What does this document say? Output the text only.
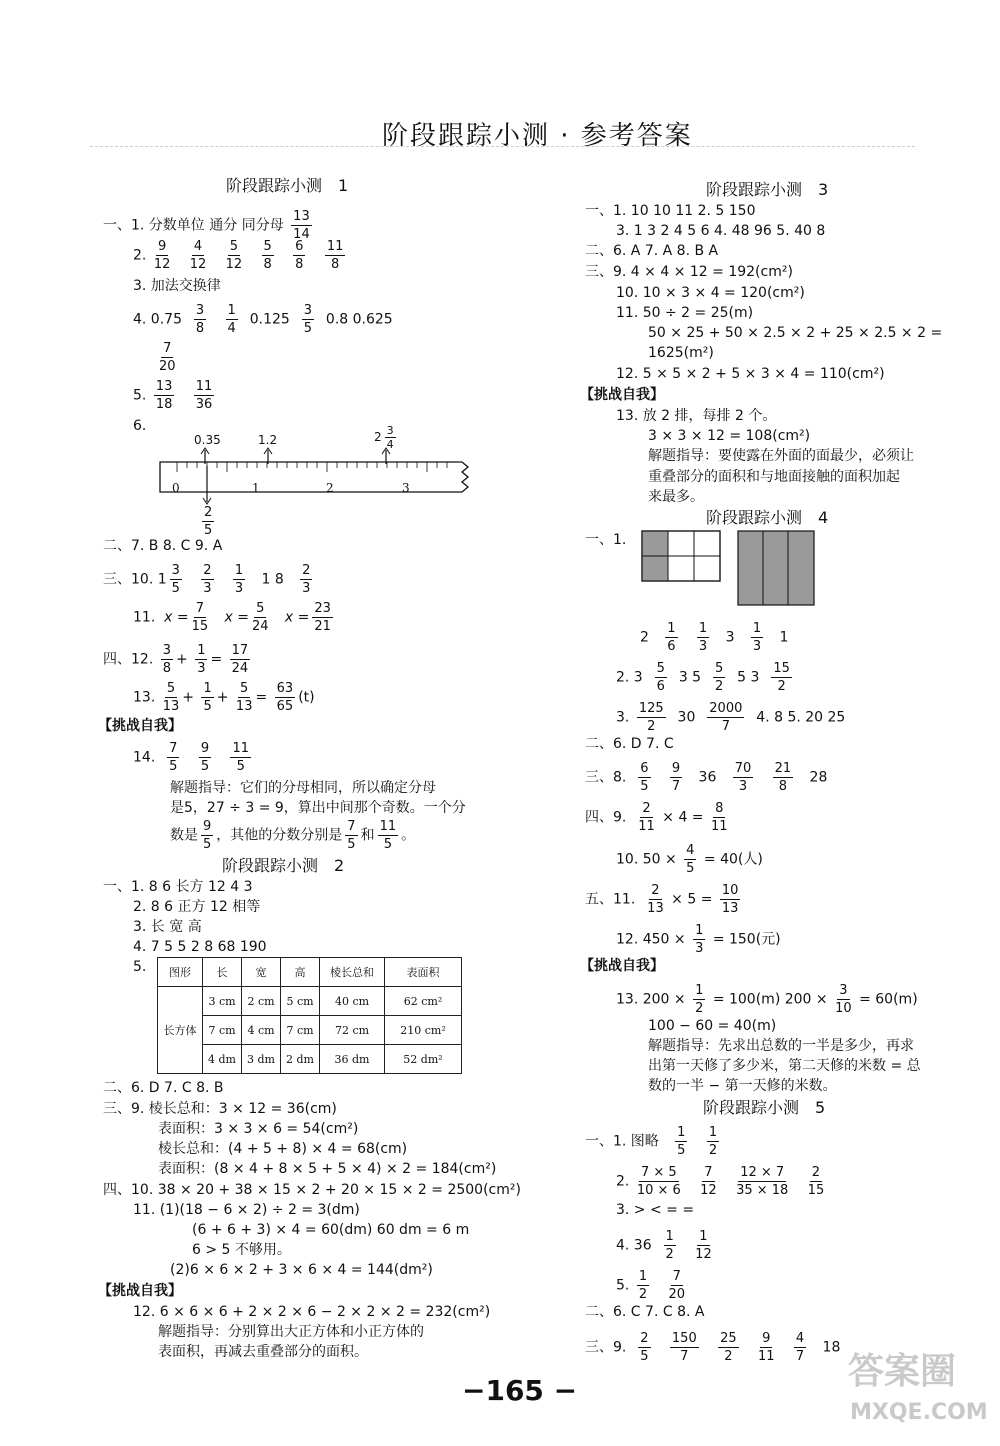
阶段跟踪小测 · 参考答案
阶段跟踪小测　1
一、1. 分数单位 通分 同分母 $\frac{13}{14}$
2. $\frac{9}{12}$
$\frac{4}{12}$
$\frac{5}{12}$
$\frac{5}{8}$
$\frac{6}{8}$
$\frac{11}{8}$
3. 加法交换律
4. $0.75 \frac{3}{8}$
$\frac{1}{4} 0.125 \frac{3}{5} 0.8$ 0.625
$\frac{7}{20}$
5. $\frac{13}{18}$
$\frac{11}{36}$
6.
0.35	1.2	$2 \frac{3}{4}$
0	1	2	3
$\frac{2}{5}$
二、7. B 8. C 9. A
三、10. $1 \frac{3}{5}$
$\frac{2}{3}$
$\frac{1}{3} 1$ $8 \frac{2}{3}$
11. $x = \frac{7}{15}$ $x = \frac{5}{24}$ $x = \frac{23}{21}$
四、12. $\frac{3}{8} + \frac{1}{3} = \frac{17}{24}$
13. $\frac{5}{13} + \frac{1}{5} + \frac{5}{13} = \frac{63}{65} (t)$
【挑战自我】
14. $\frac{7}{5}$
$\frac{9}{5}$
$\frac{11}{5}$
解题指导：它们的分母相同，所以确定分母
是5，27 ÷ 3 = 9，算出中间那个奇数。一个分
数是 $\frac{9}{5}$ ，其他的分数分别是 $\frac{7}{5}$ 和 $\frac{11}{5}$ 。
阶段跟踪小测　2
一、1. 8 6 长方 12 4 3
2. 8 6 正方 12 相等
3. 长 宽 高
4. 7 5 5 2 8 68 190
5. 图形	长	宽	高	棱长总和	表面积
长方体	3 cm	2 cm	5 cm	40 cm	62 cm²
	7 cm	4 cm	7 cm	72 cm	210 cm²
	4 dm	3 dm	2 dm	36 dm	52 dm²
二、6. D 7. C 8. B
三、9. 棱长总和：3 × 12 = 36(cm)
表面积：3 × 3 × 6 = 54(cm²)
棱长总和：(4 + 5 + 8) × 4 = 68(cm)
表面积：(8 × 4 + 8 × 5 + 5 × 4) × 2 = 184(cm²)
四、10. 38 × 20 + 38 × 15 × 2 + 20 × 15 × 2 = 2500(cm²)
11. (1)(18 − 6 × 2) ÷ 2 = 3(dm)
(6 + 6 + 3) × 4 = 60(dm) 60 dm = 6 m
6 > 5 不够用。
(2)6 × 6 × 2 + 3 × 6 × 4 = 144(dm²)
【挑战自我】
12. 6 × 6 × 6 + 2 × 2 × 6 − 2 × 2 × 2 = 232(cm²)
解题指导：分别算出大正方体和小正方体的
表面积，再减去重叠部分的面积。
阶段跟踪小测　3
一、1. 10 10 11 2. 5 150
3. 1 3 2 4 5 6 4. 48 96 5. 40 8
二、6. A 7. A 8. B A
三、9. 4 × 4 × 12 = 192(cm²)
10. 10 × 3 × 4 = 120(cm²)
11. 50 ÷ 2 = 25(m)
50 × 25 + 50 × 2.5 × 2 + 25 × 2.5 × 2 =
1625(m²)
12. 5 × 5 × 2 + 5 × 3 × 4 = 110(cm²)
【挑战自我】
13. 放 2 排，每排 2 个。
3 × 3 × 12 = 108(cm²)
解题指导：要使露在外面的面最少，必须让
重叠部分的面积和与地面接触的面积加起
来最多。
阶段跟踪小测　4
一、1.
$2 \frac{1}{6}$
$\frac{1}{3} 3 \frac{1}{3} 1$
2. $3 \frac{5}{6} 3$ $5 \frac{5}{2} 5$ $3 \frac{15}{2}$
3. $\frac{125}{2} 30 \frac{2000}{7} 4$. 8 5. 20 25
二、6. D 7. C
三、8. $\frac{6}{5}$
$\frac{9}{7} 36 \frac{70}{3}$
$\frac{21}{8} 28$
四、9. $\frac{2}{11} \times 4 = \frac{8}{11}$
10. $50 \times \frac{4}{5} = 40$(人)
五、11. $\frac{2}{13} \times 5 = \frac{10}{13}$
12. $450 \times \frac{1}{3} = 150$(元)
【挑战自我】
13. $200 \times \frac{1}{2} = 100(m) 200 \times \frac{3}{10} = 60(m)$
100 − 60 = 40(m)
解题指导：先求出总数的一半是多少，再求
出第一天修了多少米，第二天修的米数 = 总
数的一半 − 第一天修的米数。
阶段跟踪小测　5
一、1. 图略 $\frac{1}{5}$
$\frac{1}{2}$
2. $\frac{7 \times 5}{10 \times 6}$
$\frac{7}{12}$
$\frac{12 \times 7}{35 \times 18}$
$\frac{2}{15}$
3. > < = =
4. $36 \frac{1}{2}$
$\frac{1}{12}$
5. $\frac{1}{2}$
$\frac{7}{20}$
二、6. C 7. C 8. A
三、9. $\frac{2}{5}$
$\frac{150}{7}$
$\frac{25}{2}$
$\frac{9}{11}$
$\frac{4}{7} 18$
−165 −	答案圈
MXQE.COM
